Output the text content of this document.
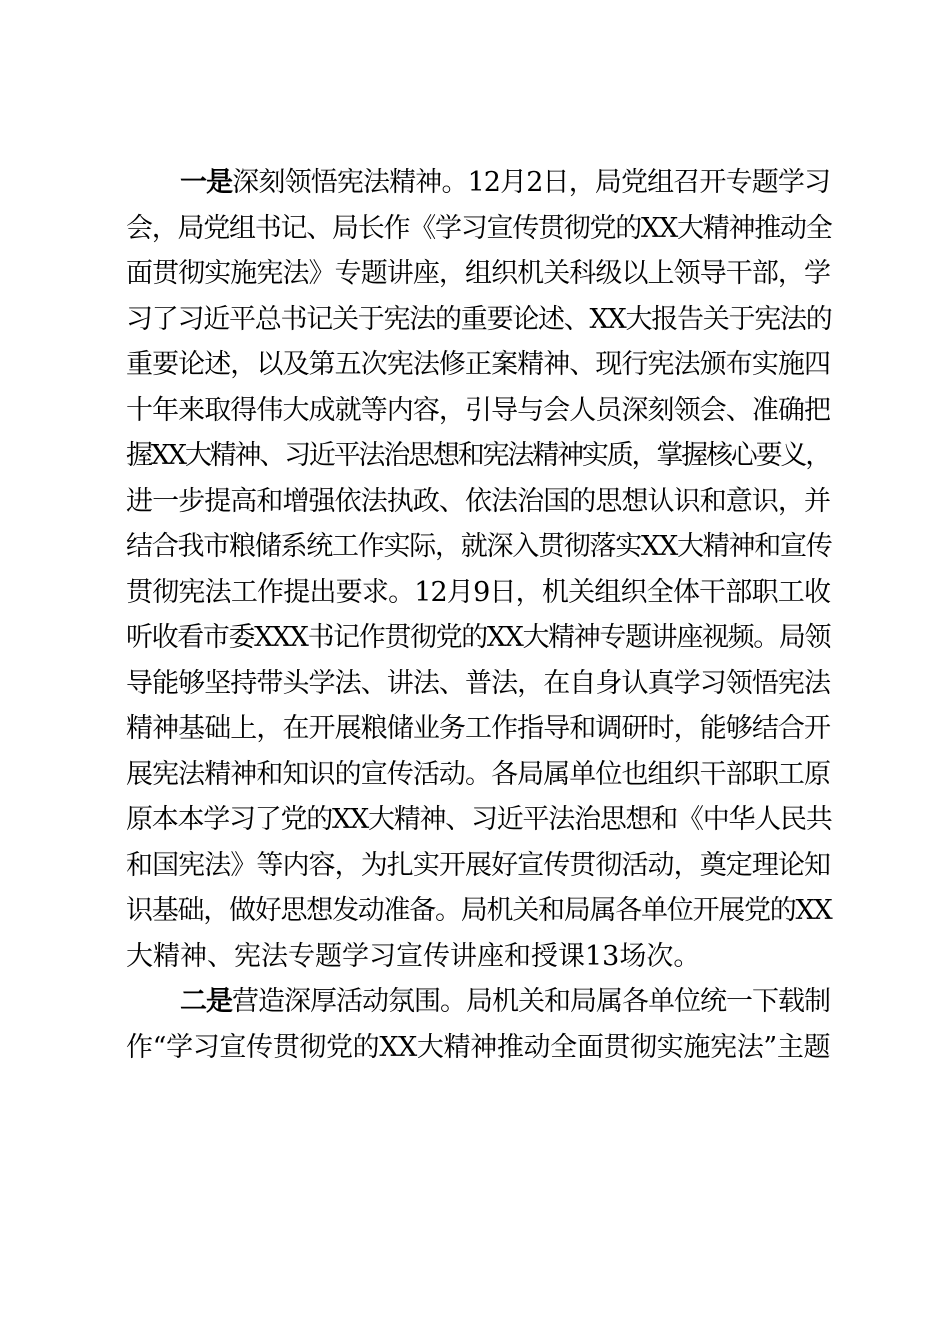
一是深刻领悟宪法精神。12月2日，局党组召开专题学习
会，局党组书记、局长作《学习宣传贯彻党的XX大精神推动全
面贯彻实施宪法》专题讲座，组织机关科级以上领导干部，学
习了习近平总书记关于宪法的重要论述、XX大报告关于宪法的
重要论述，以及第五次宪法修正案精神、现行宪法颁布实施四
十年来取得伟大成就等内容，引导与会人员深刻领会、准确把
握XX大精神、习近平法治思想和宪法精神实质，掌握核心要义，
进一步提高和增强依法执政、依法治国的思想认识和意识，并
结合我市粮储系统工作实际，就深入贯彻落实XX大精神和宣传
贯彻宪法工作提出要求。12月9日，机关组织全体干部职工收
听收看市委XXX书记作贯彻党的XX大精神专题讲座视频。局领
导能够坚持带头学法、讲法、普法，在自身认真学习领悟宪法
精神基础上，在开展粮储业务工作指导和调研时，能够结合开
展宪法精神和知识的宣传活动。各局属单位也组织干部职工原
原本本学习了党的XX大精神、习近平法治思想和《中华人民共
和国宪法》等内容，为扎实开展好宣传贯彻活动，奠定理论知
识基础，做好思想发动准备。局机关和局属各单位开展党的XX
大精神、宪法专题学习宣传讲座和授课13场次。
二是营造深厚活动氛围。局机关和局属各单位统一下载制
作“学习宣传贯彻党的XX大精神推动全面贯彻实施宪法”主题
